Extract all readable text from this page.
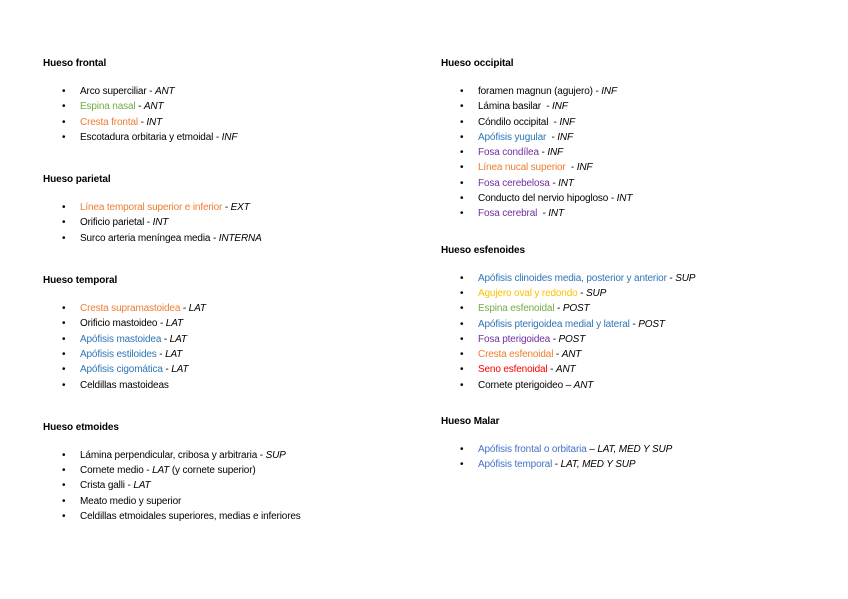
Hueso frontal
• Arco superciliar - ANT
• Espina nasal - ANT
• Cresta frontal - INT
• Escotadura orbitaria y etmoidal - INF
Hueso parietal
• Línea temporal superior e inferior - EXT
• Orificio parietal - INT
• Surco arteria meníngea media - INTERNA
Hueso temporal
• Cresta supramastoidea - LAT
• Orificio mastoideo - LAT
• Apófisis mastoidea - LAT
• Apófisis estiloides - LAT
• Apófisis cigomática - LAT
• Celdillas mastoideas
Hueso etmoides
• Lámina perpendicular, cribosa y arbitraria - SUP
• Cornete medio - LAT (y cornete superior)
• Crista galli - LAT
• Meato medio y superior
• Celdillas etmoidales superiores, medias e inferiores
Hueso occipital
• foramen magnun (agujero) - INF
• Lámina basilar  - INF
• Cóndilo occipital  - INF
• Apófisis yugular  - INF
• Fosa condílea - INF
• Línea nucal superior  - INF
• Fosa cerebelosa - INT
• Conducto del nervio hipogloso - INT
• Fosa cerebral  - INT
Hueso esfenoides
• Apófisis clinoides media, posterior y anterior - SUP
• Agujero oval y redondo - SUP
• Espina esfenoidal - POST
• Apófisis pterigoidea medial y lateral - POST
• Fosa pterigoidea - POST
• Cresta esfenoidal - ANT
• Seno esfenoidal - ANT
• Cornete pterigoideo – ANT
Hueso Malar
• Apófisis frontal o orbitaria – LAT, MED Y SUP
• Apófisis temporal - LAT, MED Y SUP
